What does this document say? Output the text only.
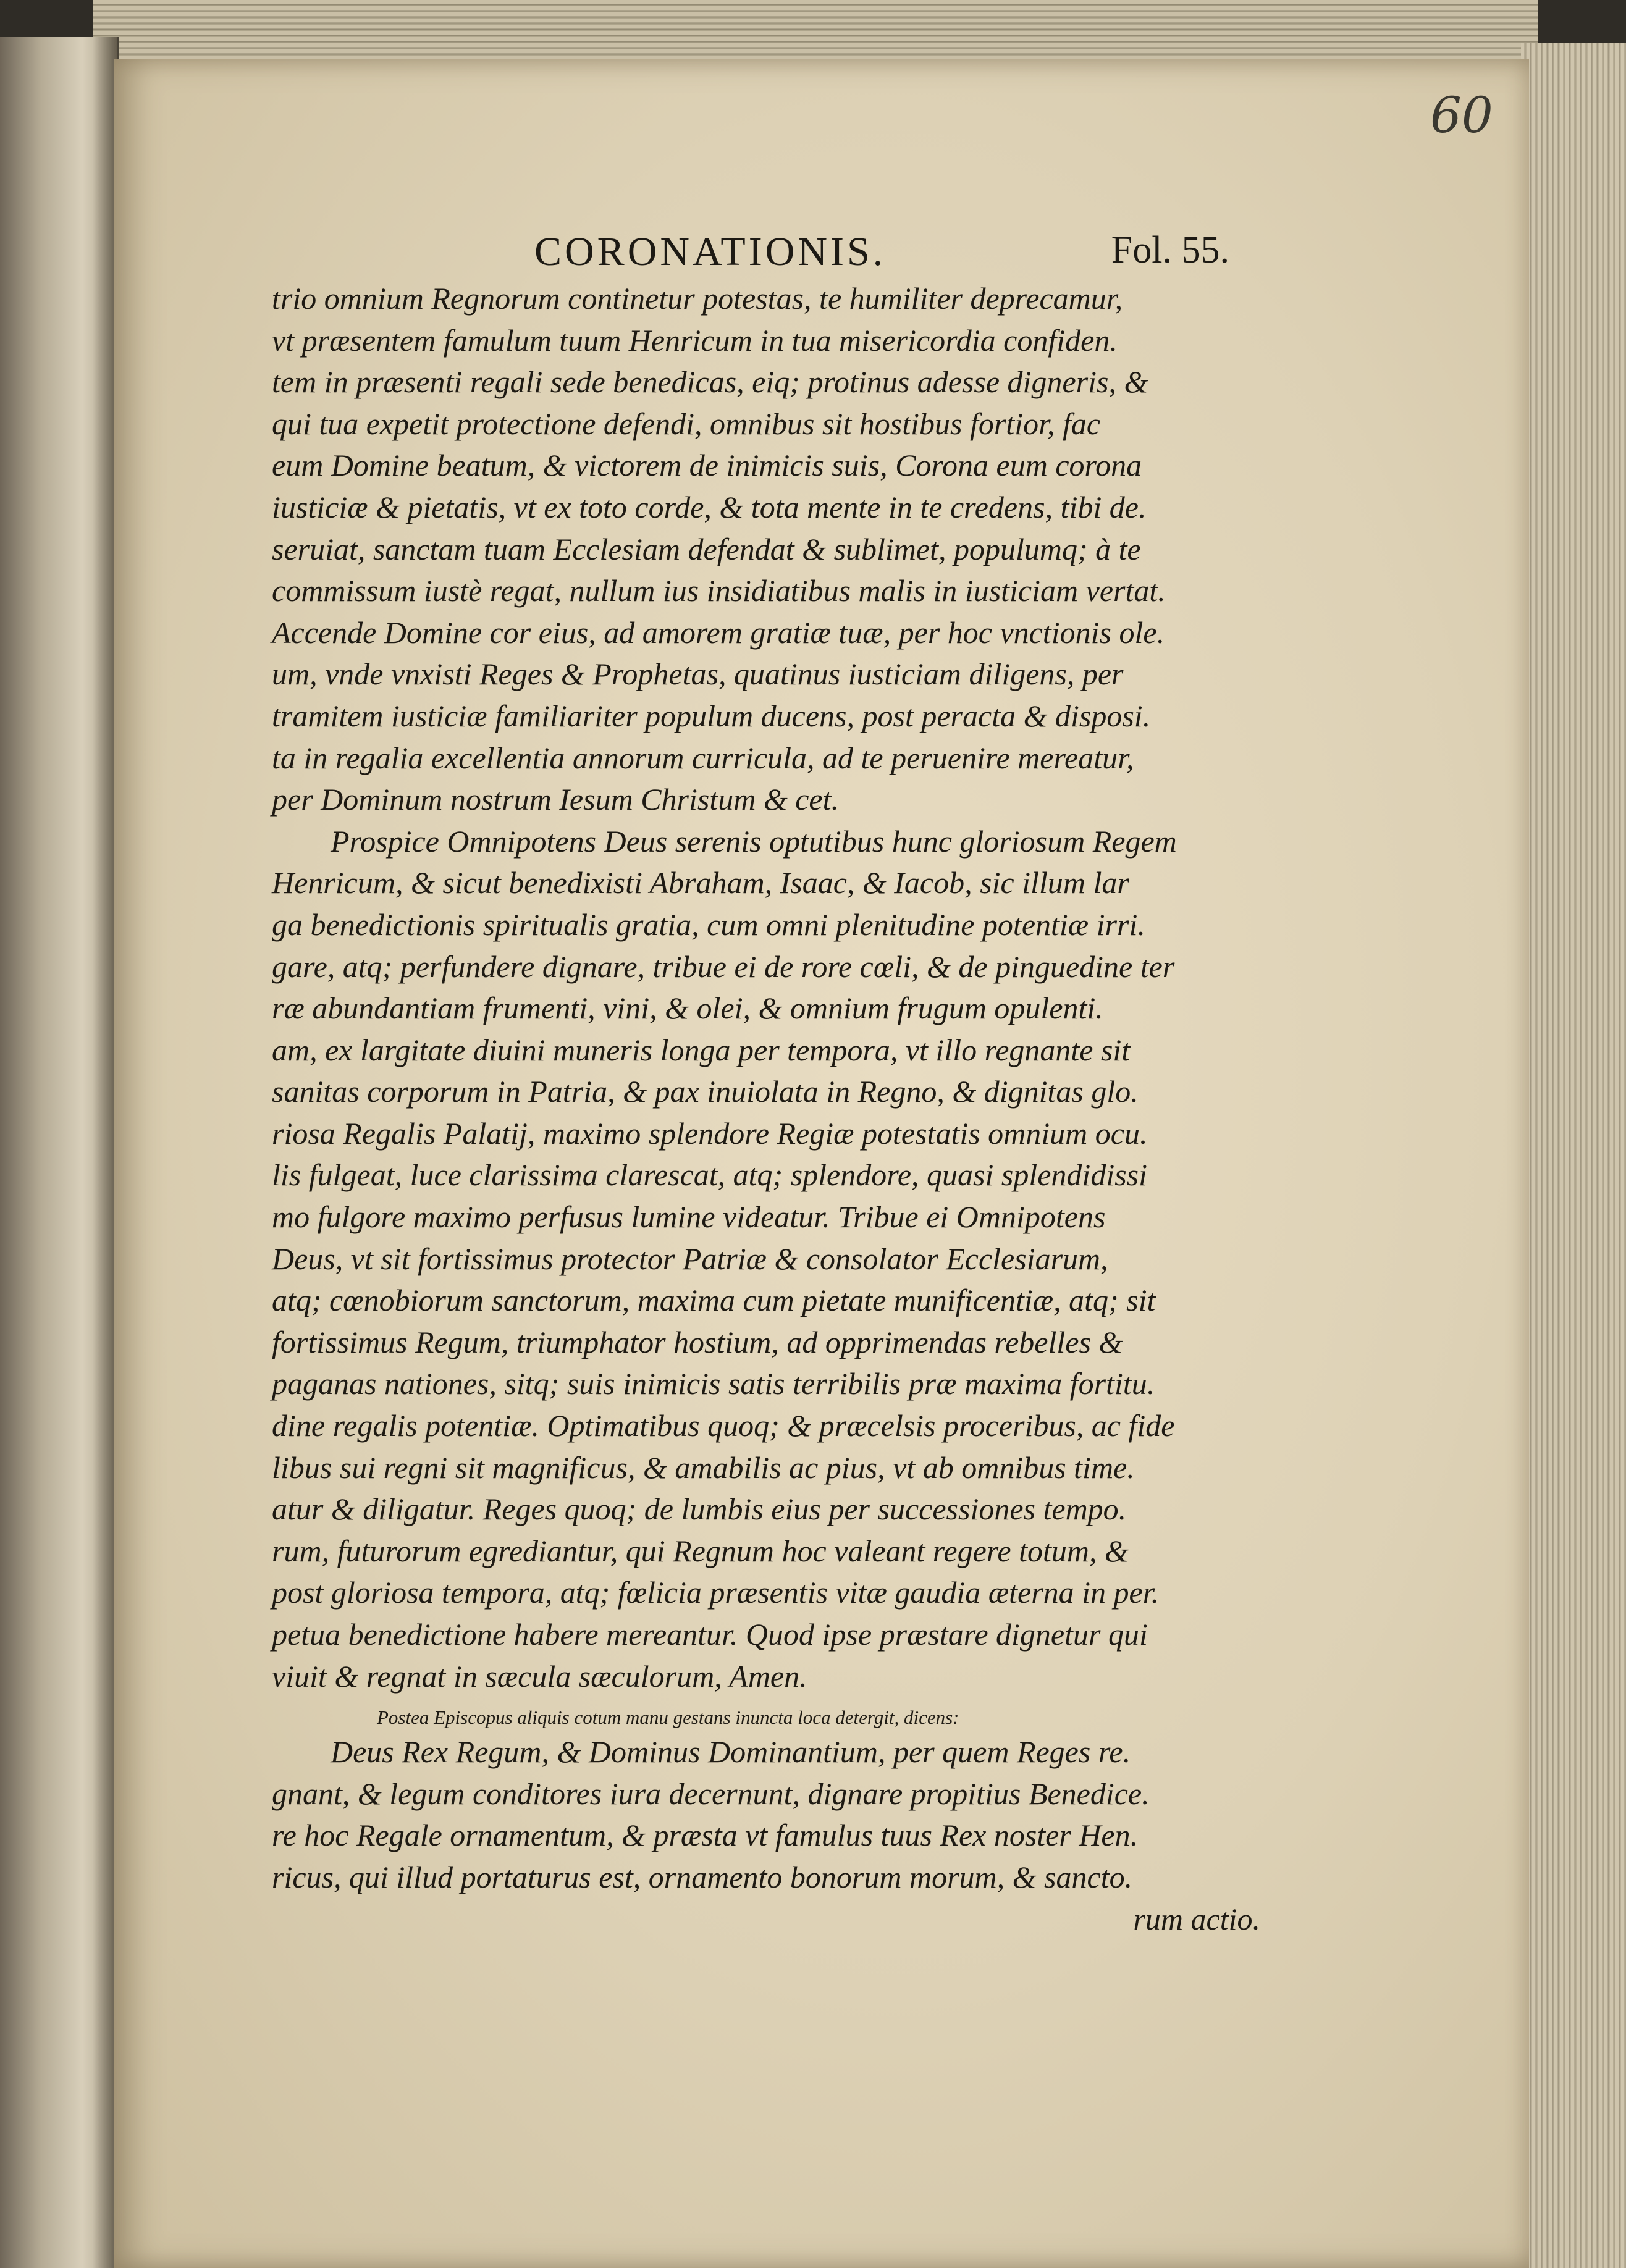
60
CORONATIONIS.	Fol. 55.
trio omnium Regnorum continetur potestas, te humiliter deprecamur,
vt præsentem famulum tuum Henricum in tua misericordia confiden.
tem in præsenti regali sede benedicas, eiq; protinus adesse digneris, &
qui tua expetit protectione defendi, omnibus sit hostibus fortior, fac
eum Domine beatum, & victorem de inimicis suis, Corona eum corona
iusticiæ & pietatis, vt ex toto corde, & tota mente in te credens, tibi de.
seruiat, sanctam tuam Ecclesiam defendat & sublimet, populumq; à te
commissum iustè regat, nullum ius insidiatibus malis in iusticiam vertat.
Accende Domine cor eius, ad amorem gratiæ tuæ, per hoc vnctionis ole.
um, vnde vnxisti Reges & Prophetas, quatinus iusticiam diligens, per
tramitem iusticiæ familiariter populum ducens, post peracta & disposi.
ta in regalia excellentia annorum curricula, ad te peruenire mereatur,
per Dominum nostrum Iesum Christum & cet.
Prospice Omnipotens Deus serenis optutibus hunc gloriosum Regem
Henricum, & sicut benedixisti Abraham, Isaac, & Iacob, sic illum lar
ga benedictionis spiritualis gratia, cum omni plenitudine potentiæ irri.
gare, atq; perfundere dignare, tribue ei de rore cœli, & de pinguedine ter
ræ abundantiam frumenti, vini, & olei, & omnium frugum opulenti.
am, ex largitate diuini muneris longa per tempora, vt illo regnante sit
sanitas corporum in Patria, & pax inuiolata in Regno, & dignitas glo.
riosa Regalis Palatij, maximo splendore Regiæ potestatis omnium ocu.
lis fulgeat, luce clarissima clarescat, atq; splendore, quasi splendidissi
mo fulgore maximo perfusus lumine videatur. Tribue ei Omnipotens
Deus, vt sit fortissimus protector Patriæ & consolator Ecclesiarum,
atq; cœnobiorum sanctorum, maxima cum pietate munificentiæ, atq; sit
fortissimus Regum, triumphator hostium, ad opprimendas rebelles &
paganas nationes, sitq; suis inimicis satis terribilis præ maxima fortitu.
dine regalis potentiæ. Optimatibus quoq; & præcelsis proceribus, ac fide
libus sui regni sit magnificus, & amabilis ac pius, vt ab omnibus time.
atur & diligatur. Reges quoq; de lumbis eius per successiones tempo.
rum, futurorum egrediantur, qui Regnum hoc valeant regere totum, &
post gloriosa tempora, atq; fœlicia præsentis vitæ gaudia æterna in per.
petua benedictione habere mereantur. Quod ipse præstare dignetur qui
viuit & regnat in sæcula sæculorum, Amen.
Postea Episcopus aliquis cotum manu gestans inuncta loca detergit, dicens:
Deus Rex Regum, & Dominus Dominantium, per quem Reges re.
gnant, & legum conditores iura decernunt, dignare propitius Benedice.
re hoc Regale ornamentum, & præsta vt famulus tuus Rex noster Hen.
ricus, qui illud portaturus est, ornamento bonorum morum, & sancto.
rum actio.
